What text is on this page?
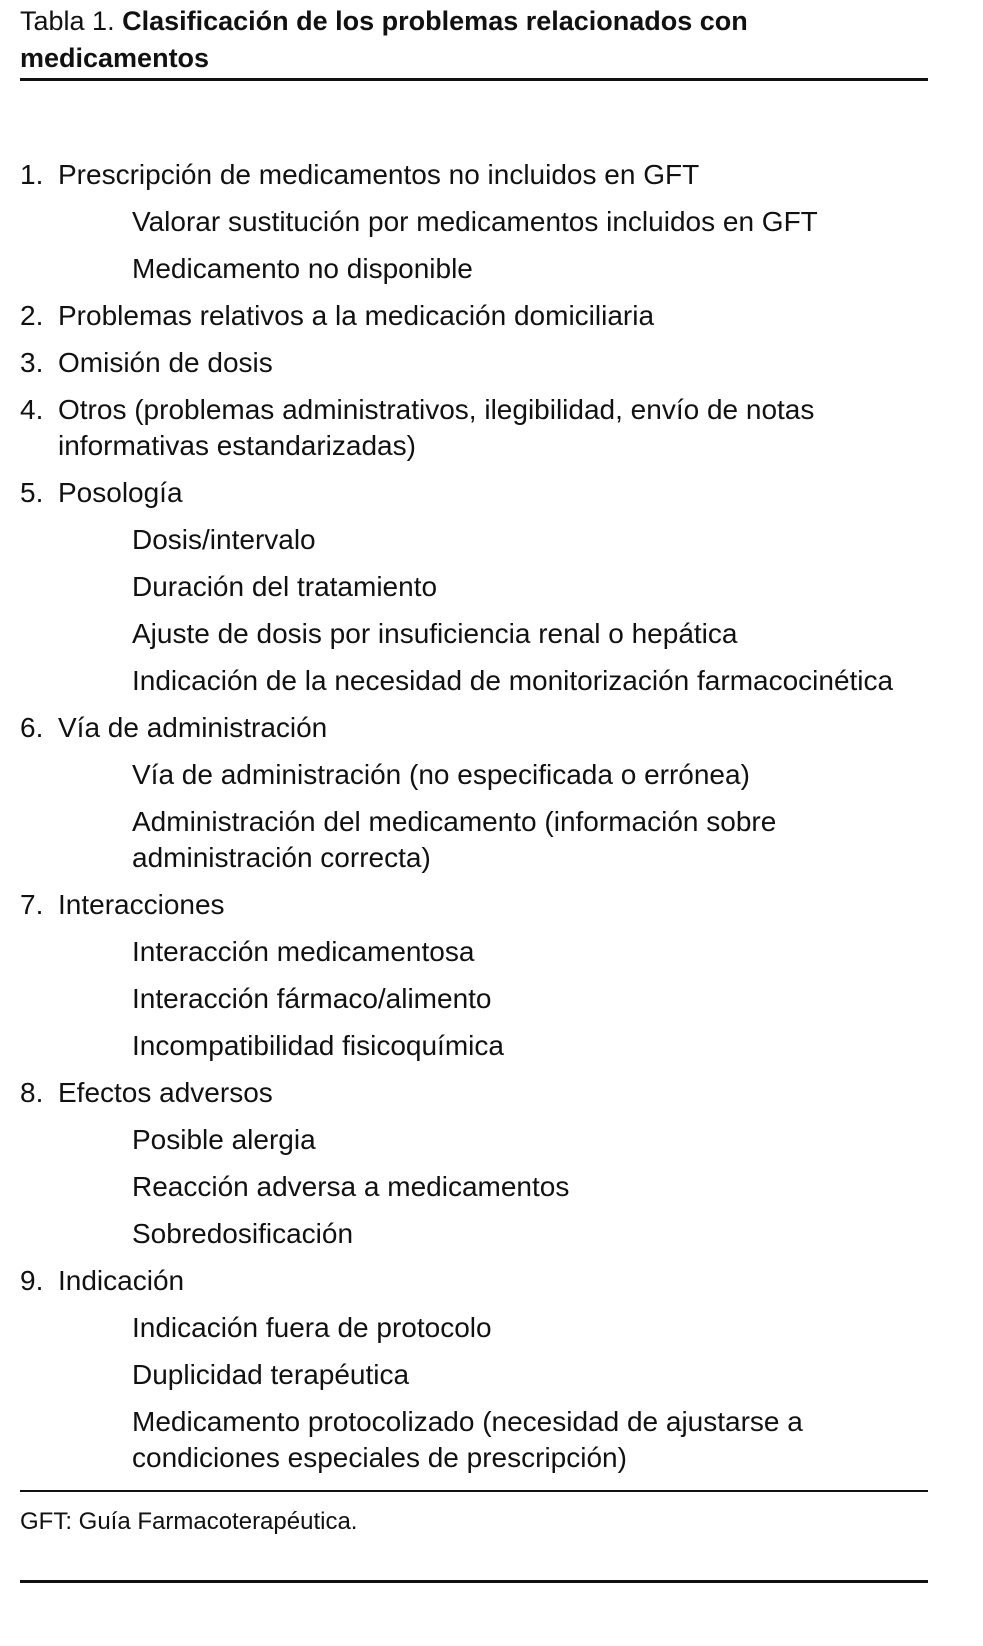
Tabla 1. Clasificación de los problemas relacionados con medicamentos
1. Prescripción de medicamentos no incluidos en GFT
Valorar sustitución por medicamentos incluidos en GFT
Medicamento no disponible
2. Problemas relativos a la medicación domiciliaria
3. Omisión de dosis
4. Otros (problemas administrativos, ilegibilidad, envío de notas informativas estandarizadas)
5. Posología
Dosis/intervalo
Duración del tratamiento
Ajuste de dosis por insuficiencia renal o hepática
Indicación de la necesidad de monitorización farmacocinética
6. Vía de administración
Vía de administración (no especificada o errónea)
Administración del medicamento (información sobre administración correcta)
7. Interacciones
Interacción medicamentosa
Interacción fármaco/alimento
Incompatibilidad fisicoquímica
8. Efectos adversos
Posible alergia
Reacción adversa a medicamentos
Sobredosificación
9. Indicación
Indicación fuera de protocolo
Duplicidad terapéutica
Medicamento protocolizado (necesidad de ajustarse a condiciones especiales de prescripción)
GFT: Guía Farmacoterapéutica.
